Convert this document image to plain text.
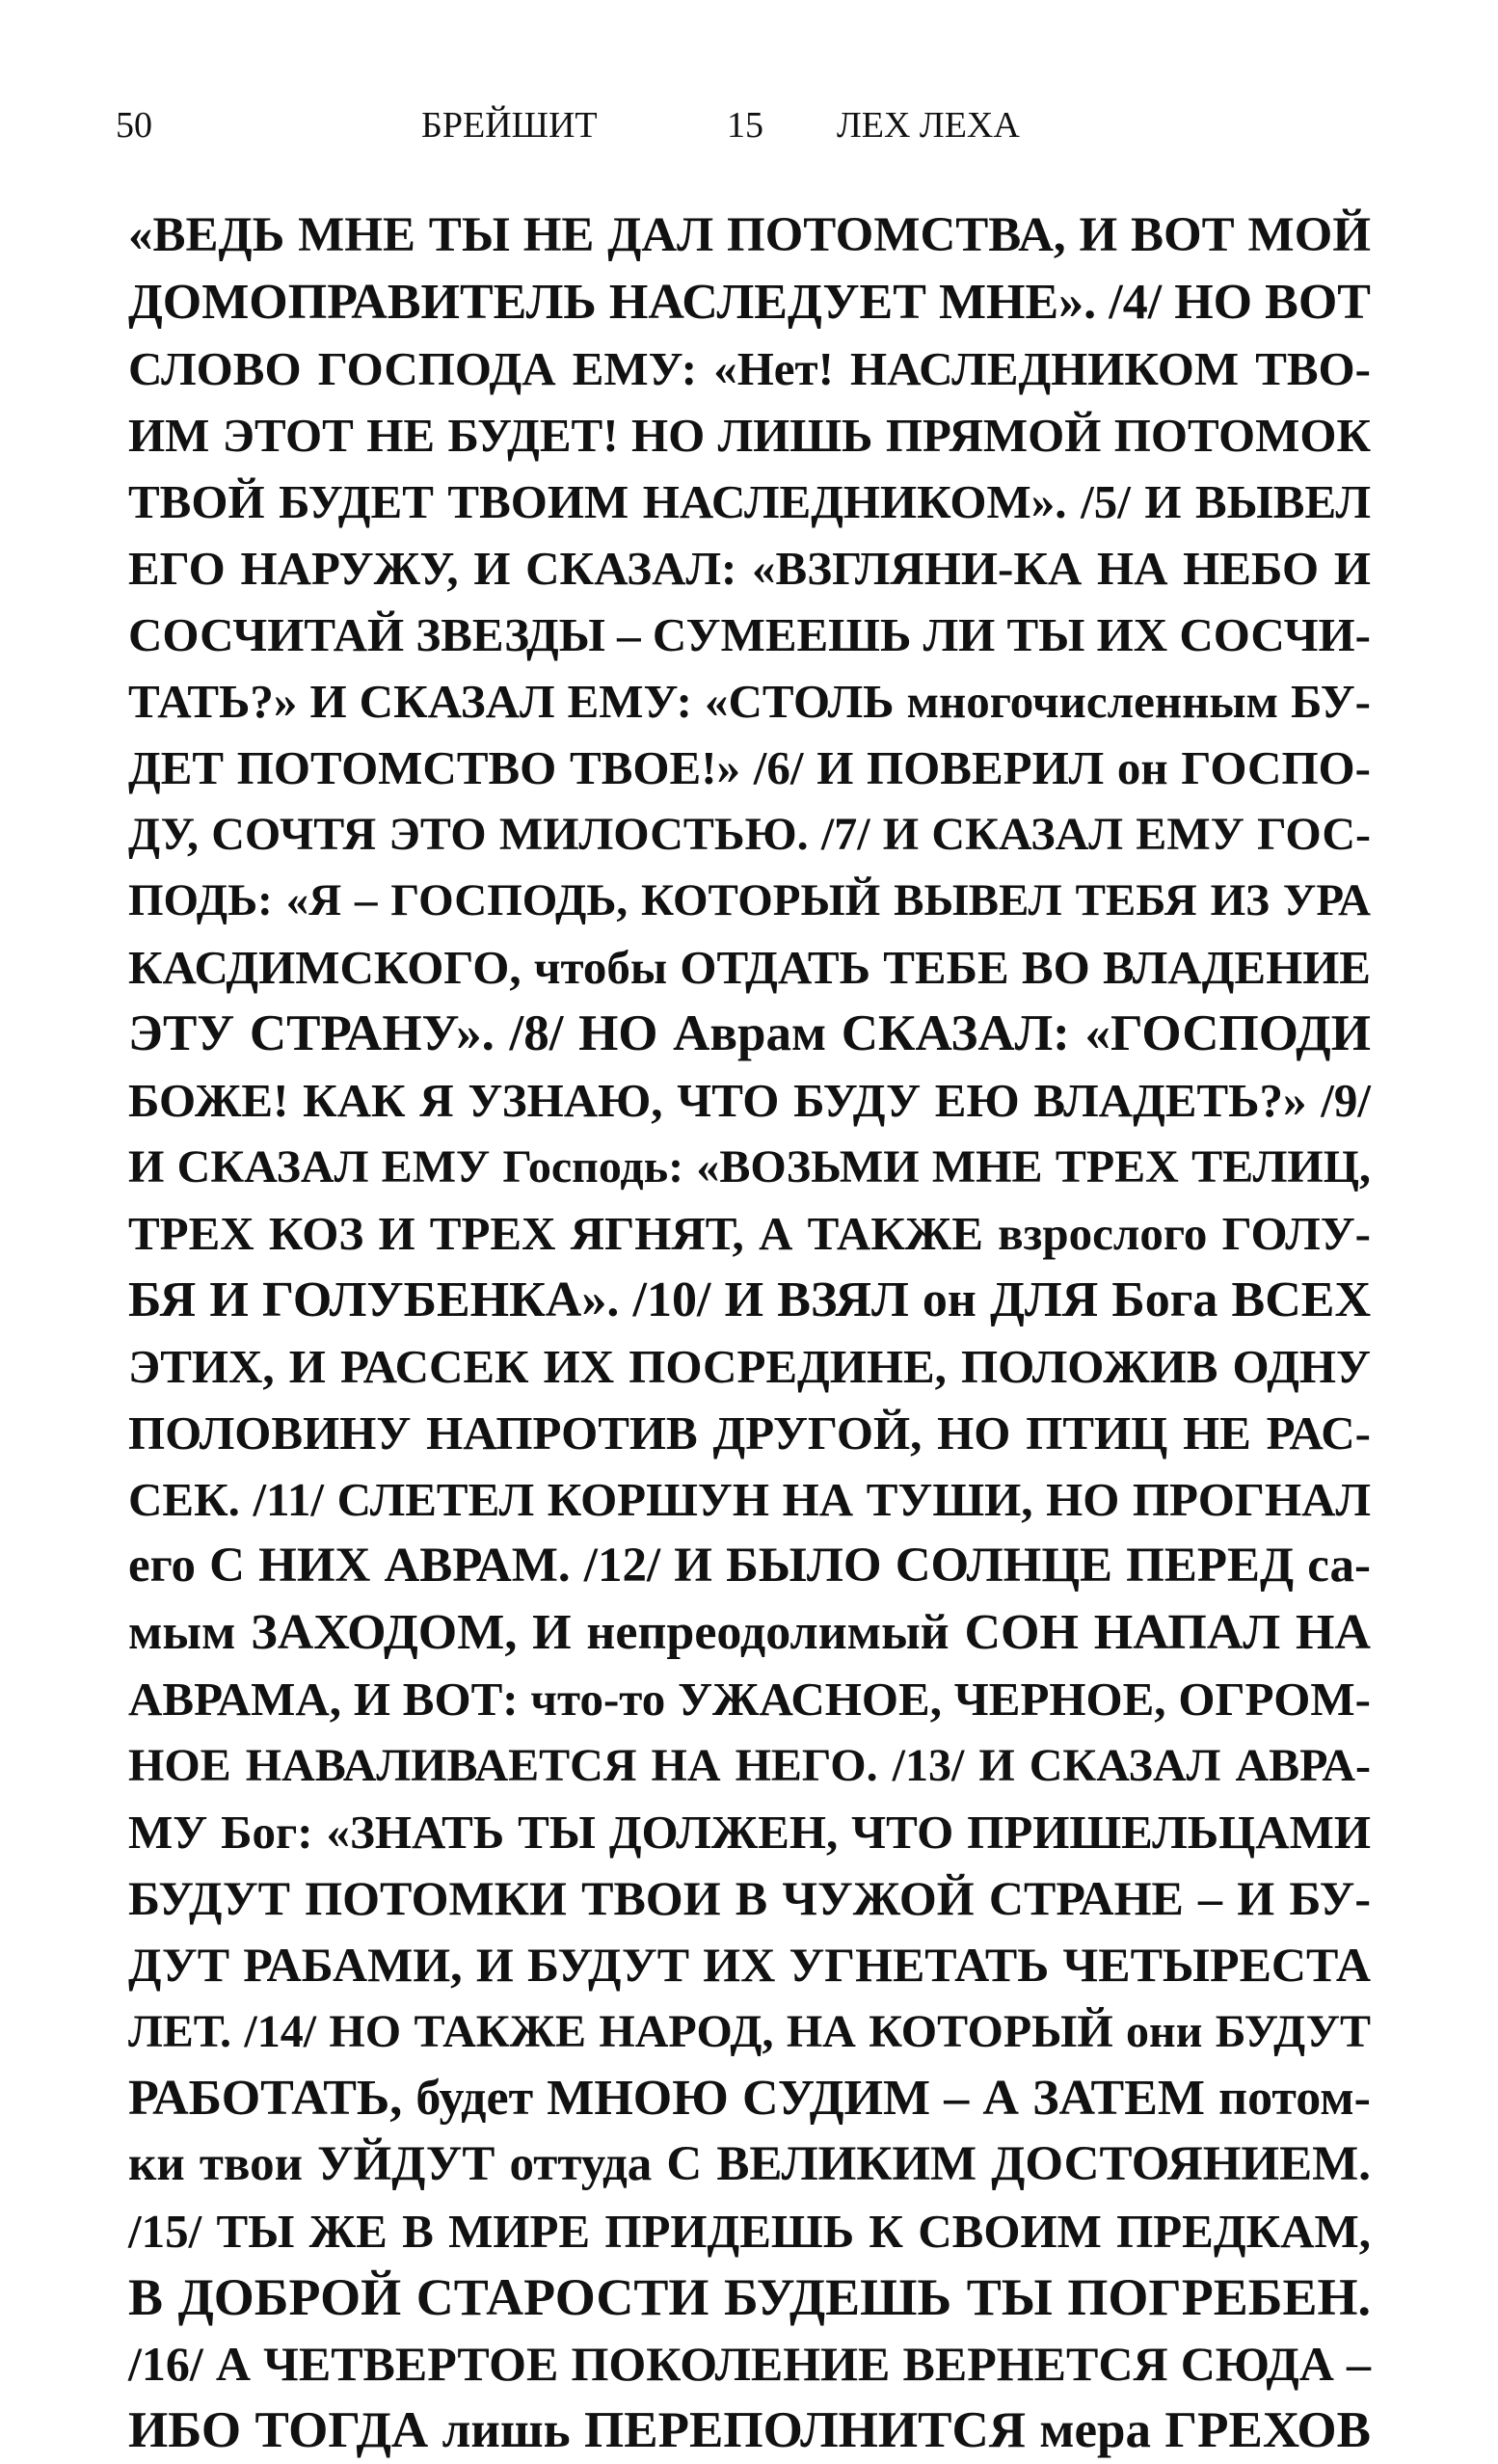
50	БРЕЙШИТ	15 ЛЕХ ЛЕХА
«ВЕДЬ МНЕ ТЫ НЕ ДАЛ ПОТОМСТВА, И ВОТ МОЙ
ДОМОПРАВИТЕЛЬ НАСЛЕДУЕТ МНЕ». /4/ НО ВОТ
СЛОВО ГОСПОДА ЕМУ: «Нет! НАСЛЕДНИКОМ ТВО-
ИМ ЭТОТ НЕ БУДЕТ! НО ЛИШЬ ПРЯМОЙ ПОТОМОК
ТВОЙ БУДЕТ ТВОИМ НАСЛЕДНИКОМ». /5/ И ВЫВЕЛ
ЕГО НАРУЖУ, И СКАЗАЛ: «ВЗГЛЯНИ-КА НА НЕБО И
СОСЧИТАЙ ЗВЕЗДЫ – СУМЕЕШЬ ЛИ ТЫ ИХ СОСЧИ-
ТАТЬ?» И СКАЗАЛ ЕМУ: «СТОЛЬ многочисленным БУ-
ДЕТ ПОТОМСТВО ТВОЕ!» /6/ И ПОВЕРИЛ он ГОСПО-
ДУ, СОЧТЯ ЭТО МИЛОСТЬЮ. /7/ И СКАЗАЛ ЕМУ ГОС-
ПОДЬ: «Я – ГОСПОДЬ, КОТОРЫЙ ВЫВЕЛ ТЕБЯ ИЗ УРА
КАСДИМСКОГО, чтобы ОТДАТЬ ТЕБЕ ВО ВЛАДЕНИЕ
ЭТУ СТРАНУ». /8/ НО Аврам СКАЗАЛ: «ГОСПОДИ
БОЖЕ! КАК Я УЗНАЮ, ЧТО БУДУ ЕЮ ВЛАДЕТЬ?» /9/
И СКАЗАЛ ЕМУ Господь: «ВОЗЬМИ МНЕ ТРЕХ ТЕЛИЦ,
ТРЕХ КОЗ И ТРЕХ ЯГНЯТ, А ТАКЖЕ взрослого ГОЛУ-
БЯ И ГОЛУБЕНКА». /10/ И ВЗЯЛ он ДЛЯ Бога ВСЕХ
ЭТИХ, И РАССЕК ИХ ПОСРЕДИНЕ, ПОЛОЖИВ ОДНУ
ПОЛОВИНУ НАПРОТИВ ДРУГОЙ, НО ПТИЦ НЕ РАС-
СЕК. /11/ СЛЕТЕЛ КОРШУН НА ТУШИ, НО ПРОГНАЛ
его С НИХ АВРАМ. /12/ И БЫЛО СОЛНЦЕ ПЕРЕД са-
мым ЗАХОДОМ, И непреодолимый СОН НАПАЛ НА
АВРАМА, И ВОТ: что-то УЖАСНОЕ, ЧЕРНОЕ, ОГРОМ-
НОЕ НАВАЛИВАЕТСЯ НА НЕГО. /13/ И СКАЗАЛ АВРА-
МУ Бог: «ЗНАТЬ ТЫ ДОЛЖЕН, ЧТО ПРИШЕЛЬЦАМИ
БУДУТ ПОТОМКИ ТВОИ В ЧУЖОЙ СТРАНЕ – И БУ-
ДУТ РАБАМИ, И БУДУТ ИХ УГНЕТАТЬ ЧЕТЫРЕСТА
ЛЕТ. /14/ НО ТАКЖЕ НАРОД, НА КОТОРЫЙ они БУДУТ
РАБОТАТЬ, будет МНОЮ СУДИМ – А ЗАТЕМ потом-
ки твои УЙДУТ оттуда С ВЕЛИКИМ ДОСТОЯНИЕМ.
/15/ ТЫ ЖЕ В МИРЕ ПРИДЕШЬ К СВОИМ ПРЕДКАМ,
В ДОБРОЙ СТАРОСТИ БУДЕШЬ ТЫ ПОГРЕБЕН.
/16/ А ЧЕТВЕРТОЕ ПОКОЛЕНИЕ ВЕРНЕТСЯ СЮДА –
ИБО ТОГДА лишь ПЕРЕПОЛНИТСЯ мера ГРЕХОВ
